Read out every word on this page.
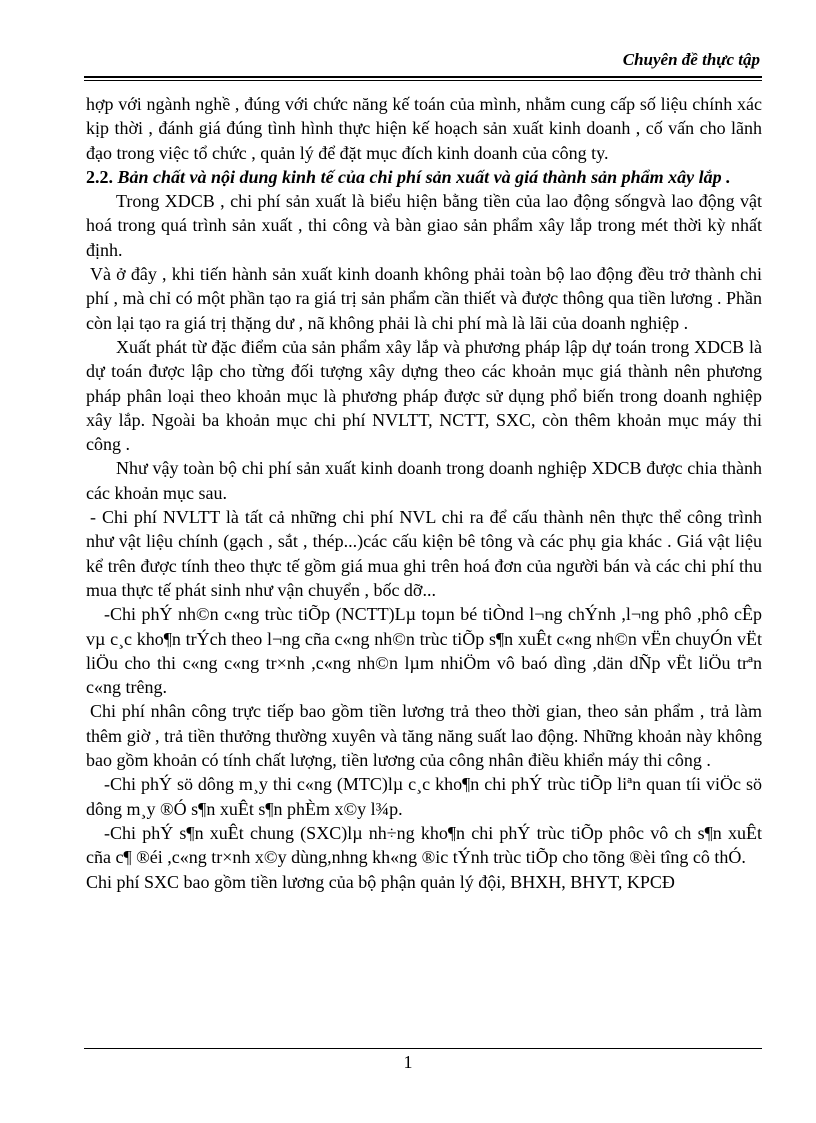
Chuyên đề thực tập

hợp với ngành nghề , đúng với chức năng kế toán của mình, nhằm cung cấp số liệu chính xác kịp thời , đánh giá đúng tình hình thực hiện kế hoạch sản xuất kinh doanh , cố vấn cho lãnh đạo trong việc tổ chức , quản lý để đặt mục đích kinh doanh của công ty.

2.2. Bản chất và nội dung kinh tế của chi phí sản xuất và giá thành sản phẩm xây lắp .

Trong XDCB , chi phí sản xuất là biểu hiện bằng tiền của lao động sốngvà lao động vật hoá trong quá trình sản xuất , thi công và bàn giao sản phẩm xây lắp trong mét thời kỳ nhất định.

Và ở đây , khi tiến hành sản xuất kinh doanh không phải toàn bộ lao động đều trở thành chi phí , mà chỉ có một phần tạo ra giá trị sản phẩm cần thiết và được thông qua tiền lương . Phần còn lại tạo ra giá trị thặng dư , nã không phải là chi phí mà là lãi của doanh nghiệp .

Xuất phát từ đặc điểm của sản phẩm xây lắp và phương pháp lập dự toán trong XDCB là dự toán được lập cho từng đối tượng xây dựng theo các khoản mục giá thành nên phương pháp phân loại theo khoản mục là phương pháp được sử dụng phổ biến trong doanh nghiệp xây lắp. Ngoài ba khoản mục chi phí NVLTT, NCTT, SXC, còn thêm khoản mục máy thi công .

Như vậy toàn bộ chi phí sản xuất kinh doanh trong doanh nghiệp XDCB được chia thành các khoản mục sau.

- Chi phí NVLTT là tất cả những chi phí NVL chi ra để cấu thành nên thực thể công trình như vật liệu chính (gạch , sắt , thép...)các cấu kiện bê tông và các phụ gia khác . Giá vật liệu kể trên được tính theo thực tế gồm giá mua ghi trên hoá đơn của người bán và các chi phí thu mua thực tế phát sinh như vận chuyển , bốc dỡ...

-Chi phÝ nh©n c«ng trùc tiÕp (NCTT)Lµ toµn bé tiÒnd l¬ng chÝnh ,l¬ng phô ,phô cÊp vµ c¸c kho¶n trÝch theo l¬ng cña c«ng nh©n trùc tiÕp s¶n xuÊt c«ng nh©n vËn chuyÓn vËt liÖu cho thi c«ng c«ng tr×nh ,c«ng nh©n lµm nhiÖm vô baó dìng ,dän dÑp vËt liÖu trªn c«ng trêng.

Chi phí nhân công trực tiếp bao gồm tiền lương trả theo thời gian, theo sản phẩm , trả làm thêm giờ , trả tiền thưởng thường xuyên và tăng năng suất lao động. Những khoản này không bao gồm khoản có tính chất lượng, tiền lương của công nhân điều khiển máy thi công .

-Chi phÝ sö dông m¸y thi c«ng (MTC)lµ c¸c kho¶n chi phÝ trùc tiÕp liªn quan tíi viÖc sö dông m¸y ®Ó s¶n xuÊt s¶n phÈm x©y l¾p.

-Chi phÝ s¶n xuÊt chung (SXC)lµ nh÷ng kho¶n chi phÝ trùc tiÕp phôc vô ch s¶n xuÊt cña c¶ ®éi ,c«ng tr×nh x©y dùng,nhng kh«ng ®ic tÝnh trùc tiÕp cho tõng ®èi tîng cô thÓ.

Chi phí SXC bao gồm tiền lương của bộ phận quản lý đội, BHXH, BHYT, KPCĐ

1
